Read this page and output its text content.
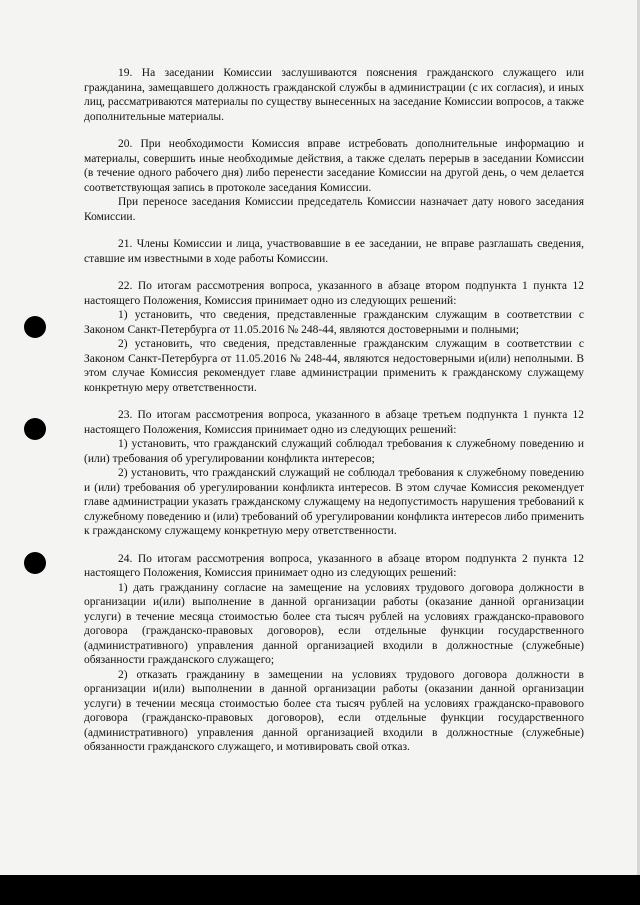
19. На заседании Комиссии заслушиваются пояснения гражданского служащего или гражданина, замещавшего должность гражданской службы в администрации (с их согласия), и иных лиц, рассматриваются материалы по существу вынесенных на заседание Комиссии вопросов, а также дополнительные материалы.

20. При необходимости Комиссия вправе истребовать дополнительные информацию и материалы, совершить иные необходимые действия, а также сделать перерыв в заседании Комиссии (в течение одного рабочего дня) либо перенести заседание Комиссии на другой день, о чем делается соответствующая запись в протоколе заседания Комиссии.

При переносе заседания Комиссии председатель Комиссии назначает дату нового заседания Комиссии.

21. Члены Комиссии и лица, участвовавшие в ее заседании, не вправе разглашать сведения, ставшие им известными в ходе работы Комиссии.

22. По итогам рассмотрения вопроса, указанного в абзаце втором подпункта 1 пункта 12 настоящего Положения, Комиссия принимает одно из следующих решений:

1) установить, что сведения, представленные гражданским служащим в соответствии с Законом Санкт-Петербурга от 11.05.2016 № 248-44, являются достоверными и полными;

2) установить, что сведения, представленные гражданским служащим в соответствии с Законом Санкт-Петербурга от 11.05.2016 № 248-44, являются недостоверными и(или) неполными. В этом случае Комиссия рекомендует главе администрации применить к гражданскому служащему конкретную меру ответственности.

23. По итогам рассмотрения вопроса, указанного в абзаце третьем подпункта 1 пункта 12 настоящего Положения, Комиссия принимает одно из следующих решений:

1) установить, что гражданский служащий соблюдал требования к служебному поведению и (или) требования об урегулировании конфликта интересов;

2) установить, что гражданский служащий не соблюдал требования к служебному поведению и (или) требования об урегулировании конфликта интересов. В этом случае Комиссия рекомендует главе администрации указать гражданскому служащему на недопустимость нарушения требований к служебному поведению и (или) требований об урегулировании конфликта интересов либо применить к гражданскому служащему конкретную меру ответственности.

24. По итогам рассмотрения вопроса, указанного в абзаце втором подпункта 2 пункта 12 настоящего Положения, Комиссия принимает одно из следующих решений:

1) дать гражданину согласие на замещение на условиях трудового договора должности в организации и(или) выполнение в данной организации работы (оказание данной организации услуги) в течение месяца стоимостью более ста тысяч рублей на условиях гражданско-правового договора (гражданско-правовых договоров), если отдельные функции государственного (административного) управления данной организацией входили в должностные (служебные) обязанности гражданского служащего;

2) отказать гражданину в замещении на условиях трудового договора должности в организации и(или) выполнении в данной организации работы (оказании данной организации услуги) в течении месяца стоимостью более ста тысяч рублей на условиях гражданско-правового договора (гражданско-правовых договоров), если отдельные функции государственного (административного) управления данной организацией входили в должностные (служебные) обязанности гражданского служащего, и мотивировать свой отказ.
